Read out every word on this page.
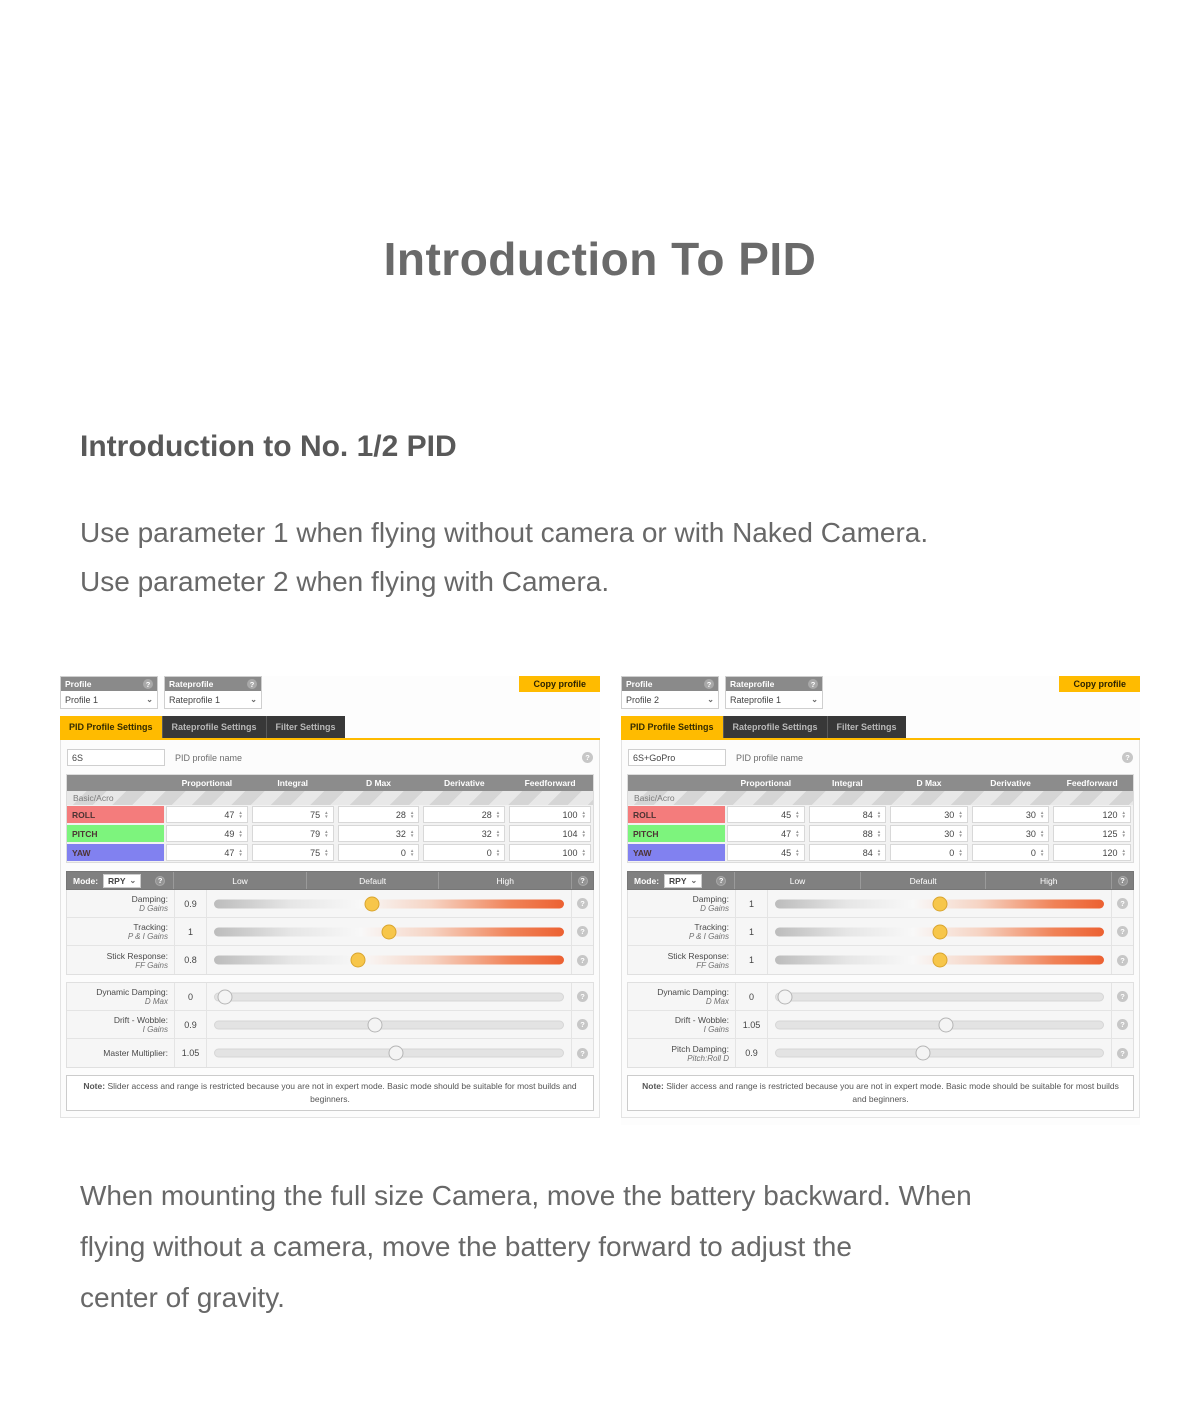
Introduction To PID
Introduction to No. 1/2 PID
Use parameter 1 when flying without camera or with Naked Camera.
Use parameter 2 when flying with Camera.
Profile
?
Profile 1
⌄
Rateprofile
?
Rateprofile 1
⌄
Copy profile
PID Profile Settings	Rateprofile Settings	Filter Settings
6S	PID profile name
?
Proportional	Integral	D Max	Derivative	Feedforward
Basic/Acro
ROLL	47 ▲ ▼	75 ▲ ▼	28 ▲ ▼	28 ▲ ▼	100
▲ ▼
PITCH	49 ▲ ▼	79 ▲ ▼	32 ▲ ▼	32 ▲ ▼	104
▲ ▼
YAW	47 ▲ ▼	75 ▲ ▼	0 ▲ ▼	0 ▲ ▼	100
▲ ▼
Mode:	RPY ⌄ ?	Low	Default	High
?
Damping:
D Gains	0.9
?
Tracking:
P & I Gains	1
?
Stick Response:
FF Gains	0.8
?
Dynamic Damping:
D Max	0
?
Drift - Wobble:
I Gains	0.9
?
Master Multiplier:	1.05
?
Note: Slider access and range is restricted because you are not in expert mode. Basic mode should be suitable for most builds and beginners.
Profile
?
Profile 2
⌄
Rateprofile
?
Rateprofile 1
⌄
Copy profile
PID Profile Settings	Rateprofile Settings	Filter Settings
6S+GoPro	PID profile name
?
Proportional	Integral	D Max	Derivative	Feedforward
Basic/Acro
ROLL	45 ▲ ▼	84 ▲ ▼	30 ▲ ▼	30 ▲ ▼	120
▲ ▼
PITCH	47 ▲ ▼	88 ▲ ▼	30 ▲ ▼	30 ▲ ▼	125
▲ ▼
YAW	45 ▲ ▼	84 ▲ ▼	0 ▲ ▼	0 ▲ ▼	120
▲ ▼
Mode:	RPY ⌄ ?	Low	Default	High
?
Damping:
D Gains	1
?
Tracking:
P & I Gains	1
?
Stick Response:
FF Gains	1
?
Dynamic Damping:
D Max	0
?
Drift - Wobble:
I Gains	1.05
?
Pitch Damping:
Pitch:Roll D	0.9
?
Note: Slider access and range is restricted because you are not in expert mode. Basic mode should be suitable for most builds and beginners.
When mounting the full size Camera, move the battery backward. When
flying without a camera, move the battery forward to adjust the
center of gravity.
